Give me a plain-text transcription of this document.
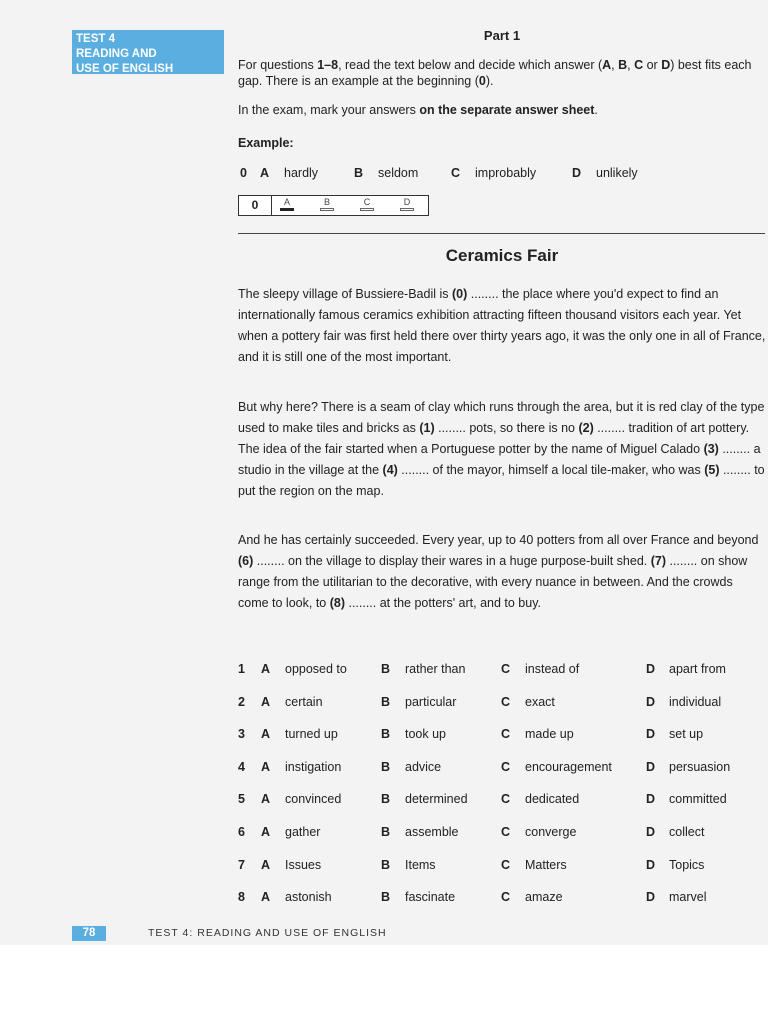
TEST 4
READING AND
USE OF ENGLISH
Part 1
For questions 1–8, read the text below and decide which answer (A, B, C or D) best fits each gap. There is an example at the beginning (0).
In the exam, mark your answers on the separate answer sheet.
Example:
0 A hardly	B seldom	C improbably	D unlikely
0	A	B	C	D
Ceramics Fair
The sleepy village of Bussiere-Badil is (0) ........ the place where you'd expect to find an internationally famous ceramics exhibition attracting fifteen thousand visitors each year. Yet when a pottery fair was first held there over thirty years ago, it was the only one in all of France, and it is still one of the most important.
But why here? There is a seam of clay which runs through the area, but it is red clay of the type used to make tiles and bricks as (1) ........ pots, so there is no (2) ........ tradition of art pottery. The idea of the fair started when a Portuguese potter by the name of Miguel Calado (3) ........ a studio in the village at the (4) ........ of the mayor, himself a local tile-maker, who was (5) ........ to put the region on the map.
And he has certainly succeeded. Every year, up to 40 potters from all over France and beyond (6) ........ on the village to display their wares in a huge purpose-built shed. (7) ........ on show range from the utilitarian to the decorative, with every nuance in between. And the crowds come to look, to (8) ........ at the potters' art, and to buy.
1 A opposed to	B rather than	C instead of	D apart from
2 A certain	B particular	C exact	D individual
3 A turned up	B took up	C made up	D set up
4 A instigation	B advice	C encouragement	D persuasion
5 A convinced	B determined	C dedicated	D committed
6 A gather	B assemble	C converge	D collect
7 A Issues	B Items	C Matters	D Topics
8 A astonish	B fascinate	C amaze	D marvel
78	TEST 4: READING AND USE OF ENGLISH
